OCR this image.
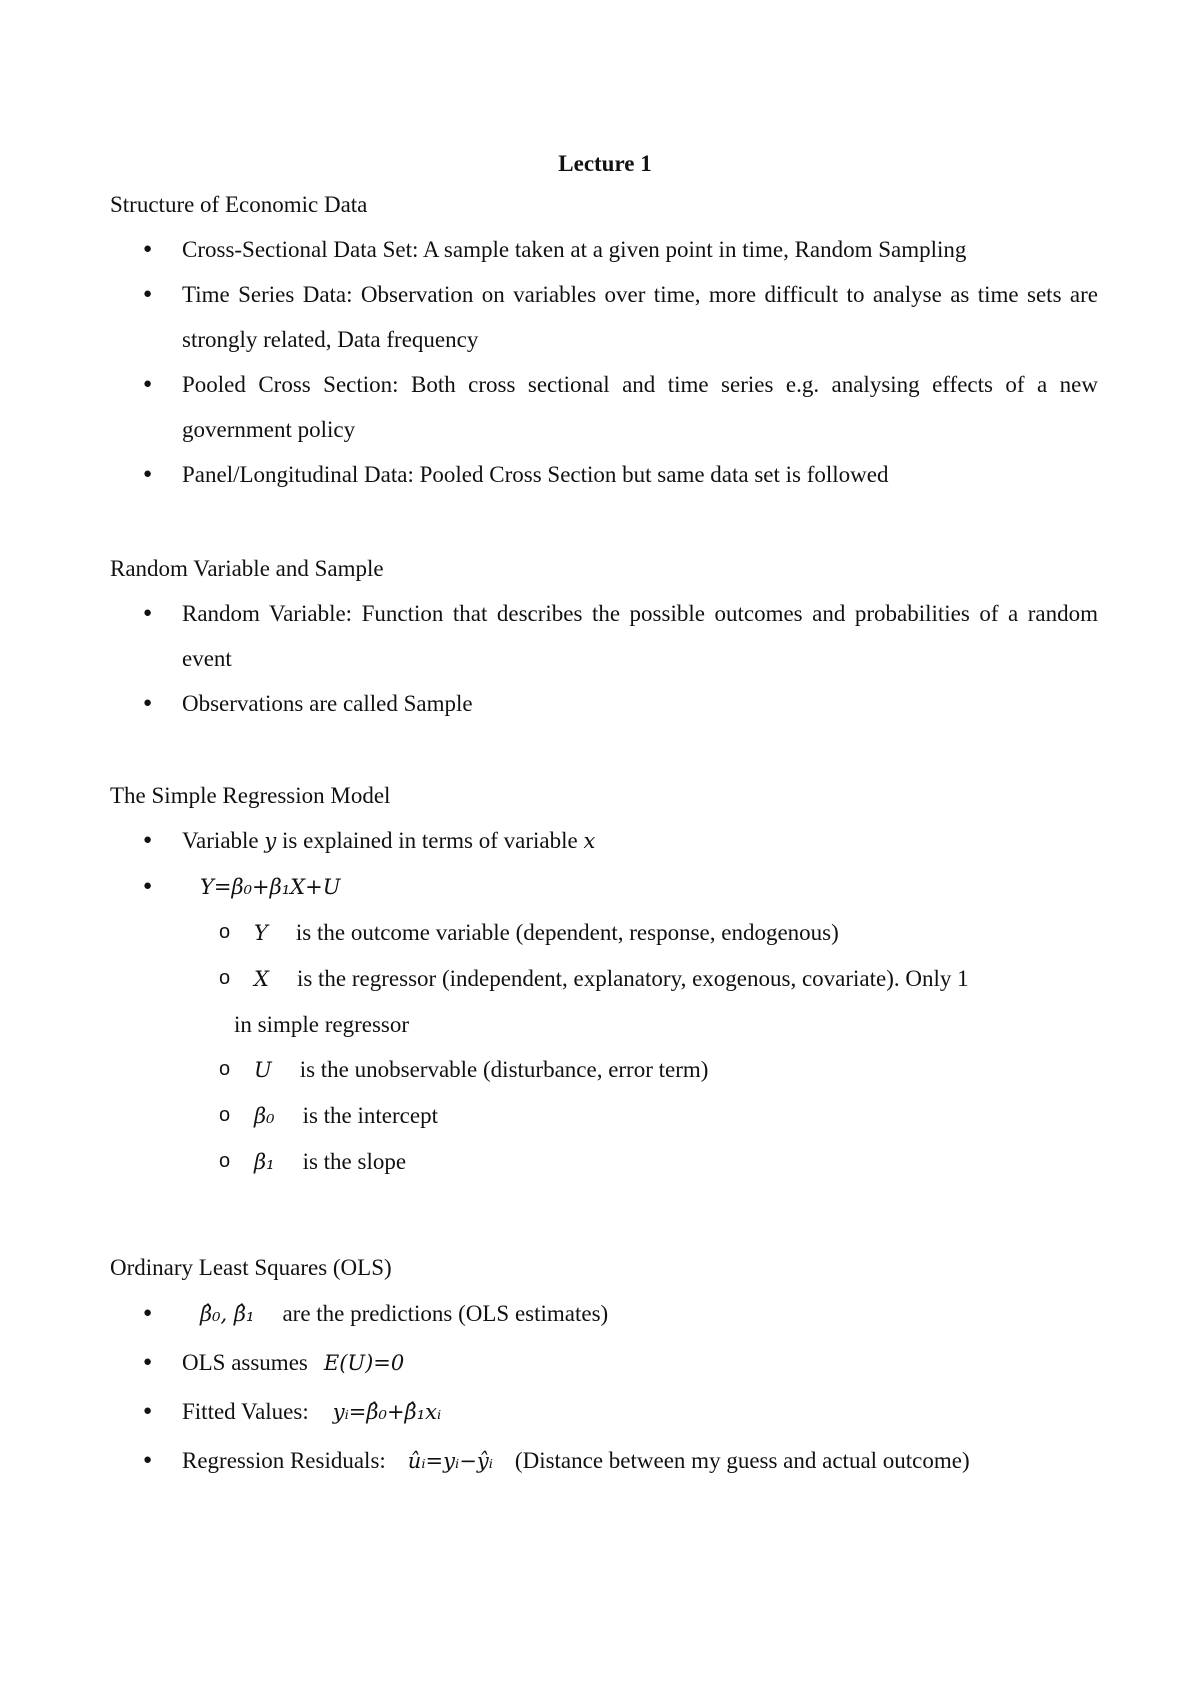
Lecture 1
Structure of Economic Data
● Cross-Sectional Data Set: A sample taken at a given point in time, Random Sampling
● Time Series Data: Observation on variables over time, more difficult to analyse as time sets are strongly related, Data frequency
● Pooled Cross Section: Both cross sectional and time series e.g. analysing effects of a new government policy
● Panel/Longitudinal Data: Pooled Cross Section but same data set is followed
Random Variable and Sample
● Random Variable: Function that describes the possible outcomes and probabilities of a random event
● Observations are called Sample
The Simple Regression Model
● Variable y is explained in terms of variable x
● Y=β₀+β₁X+U
o Y is the outcome variable (dependent, response, endogenous)
o X is the regressor (independent, explanatory, exogenous, covariate). Only 1
in simple regressor
o U is the unobservable (disturbance, error term)
o β₀ is the intercept
o β₁ is the slope
Ordinary Least Squares (OLS)
● β̂₀, β̂₁ are the predictions (OLS estimates)
● OLS assumes E(U)=0
● Fitted Values: yᵢ=β̂₀+β̂₁xᵢ
● Regression Residuals: ûᵢ=yᵢ−ŷᵢ (Distance between my guess and actual outcome)
